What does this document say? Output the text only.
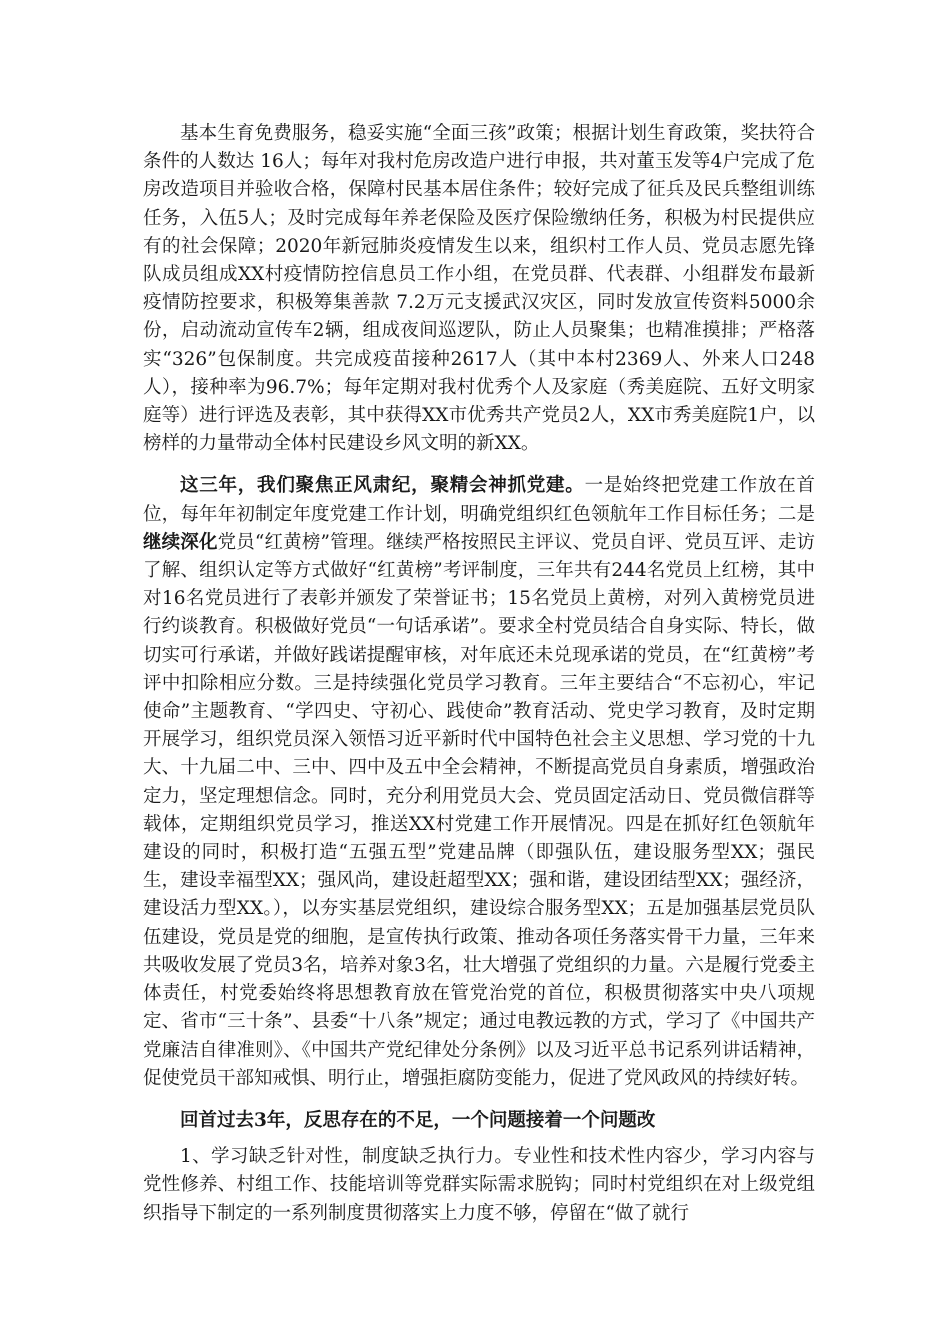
基本生育免费服务，稳妥实施“全面三孩”政策；根据计划生育政策，奖扶符合条件的人数达 16人；每年对我村危房改造户进行申报，共对董玉发等4户完成了危房改造项目并验收合格，保障村民基本居住条件；较好完成了征兵及民兵整组训练任务，入伍5人；及时完成每年养老保险及医疗保险缴纳任务，积极为村民提供应有的社会保障；2020年新冠肺炎疫情发生以来，组织村工作人员、党员志愿先锋队成员组成XX村疫情防控信息员工作小组，在党员群、代表群、小组群发布最新疫情防控要求，积极筹集善款 7.2万元支援武汉灾区，同时发放宣传资料5000余份，启动流动宣传车2辆，组成夜间巡逻队，防止人员聚集；也精准摸排；严格落实“326”包保制度。共完成疫苗接种2617人（其中本村2369人、外来人口248人），接种率为96.7%；每年定期对我村优秀个人及家庭（秀美庭院、五好文明家庭等）进行评选及表彰，其中获得XX市优秀共产党员2人，XX市秀美庭院1户，以榜样的力量带动全体村民建设乡风文明的新XX。

这三年，我们聚焦正风肃纪，聚精会神抓党建。一是始终把党建工作放在首位，每年年初制定年度党建工作计划，明确党组织红色领航年工作目标任务；二是继续深化党员“红黄榜”管理。继续严格按照民主评议、党员自评、党员互评、走访了解、组织认定等方式做好“红黄榜”考评制度，三年共有244名党员上红榜，其中对16名党员进行了表彰并颁发了荣誉证书；15名党员上黄榜，对列入黄榜党员进行约谈教育。积极做好党员“一句话承诺”。要求全村党员结合自身实际、特长，做切实可行承诺，并做好践诺提醒审核，对年底还未兑现承诺的党员，在“红黄榜”考评中扣除相应分数。三是持续强化党员学习教育。三年主要结合“不忘初心，牢记使命”主题教育、“学四史、守初心、践使命”教育活动、党史学习教育，及时定期开展学习，组织党员深入领悟习近平新时代中国特色社会主义思想、学习党的十九大、十九届二中、三中、四中及五中全会精神，不断提高党员自身素质，增强政治定力，坚定理想信念。同时，充分利用党员大会、党员固定活动日、党员微信群等载体，定期组织党员学习，推送XX村党建工作开展情况。四是在抓好红色领航年建设的同时，积极打造“五强五型”党建品牌（即强队伍，建设服务型XX；强民生，建设幸福型XX；强风尚，建设赶超型XX；强和谐，建设团结型XX；强经济，建设活力型XX。），以夯实基层党组织，建设综合服务型XX；五是加强基层党员队伍建设，党员是党的细胞，是宣传执行政策、推动各项任务落实骨干力量，三年来共吸收发展了党员3名，培养对象3名，壮大增强了党组织的力量。六是履行党委主体责任，村党委始终将思想教育放在管党治党的首位，积极贯彻落实中央八项规定、省市“三十条”、县委“十八条”规定；通过电教远教的方式，学习了《中国共产党廉洁自律准则》、《中国共产党纪律处分条例》以及习近平总书记系列讲话精神，促使党员干部知戒惧、明行止，增强拒腐防变能力，促进了党风政风的持续好转。

回首过去3年，反思存在的不足，一个问题接着一个问题改

1、学习缺乏针对性，制度缺乏执行力。专业性和技术性内容少，学习内容与党性修养、村组工作、技能培训等党群实际需求脱钩；同时村党组织在对上级党组织指导下制定的一系列制度贯彻落实上力度不够，停留在“做了就行
